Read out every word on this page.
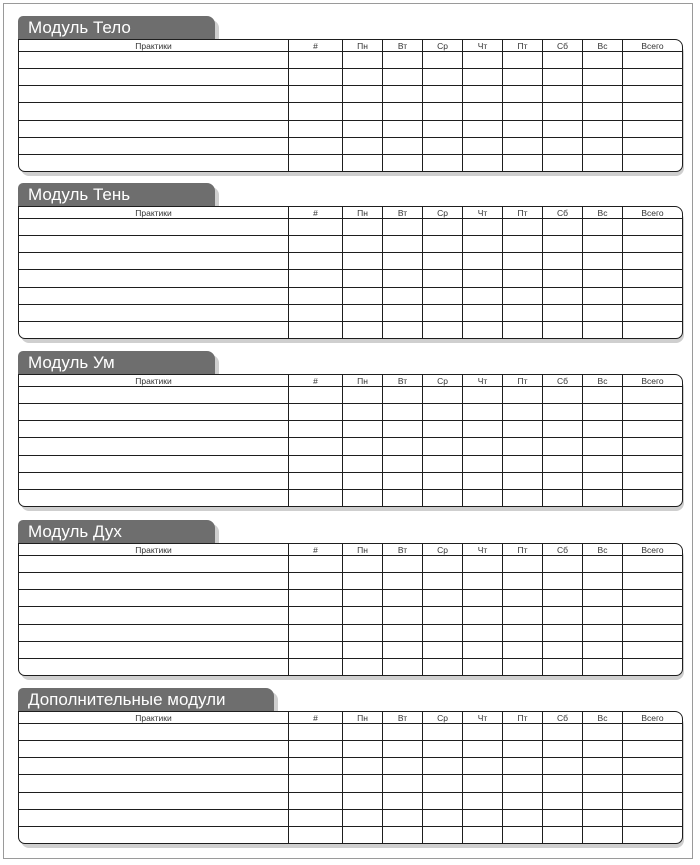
Модуль Тело
Практики	#	Пн	Вт	Ср	Чт	Пт	Сб	Вс	Всего

Модуль Тень
Практики	#	Пн	Вт	Ср	Чт	Пт	Сб	Вс	Всего

Модуль Ум
Практики	#	Пн	Вт	Ср	Чт	Пт	Сб	Вс	Всего

Модуль Дух
Практики	#	Пн	Вт	Ср	Чт	Пт	Сб	Вс	Всего

Дополнительные модули
Практики	#	Пн	Вт	Ср	Чт	Пт	Сб	Вс	Всего
